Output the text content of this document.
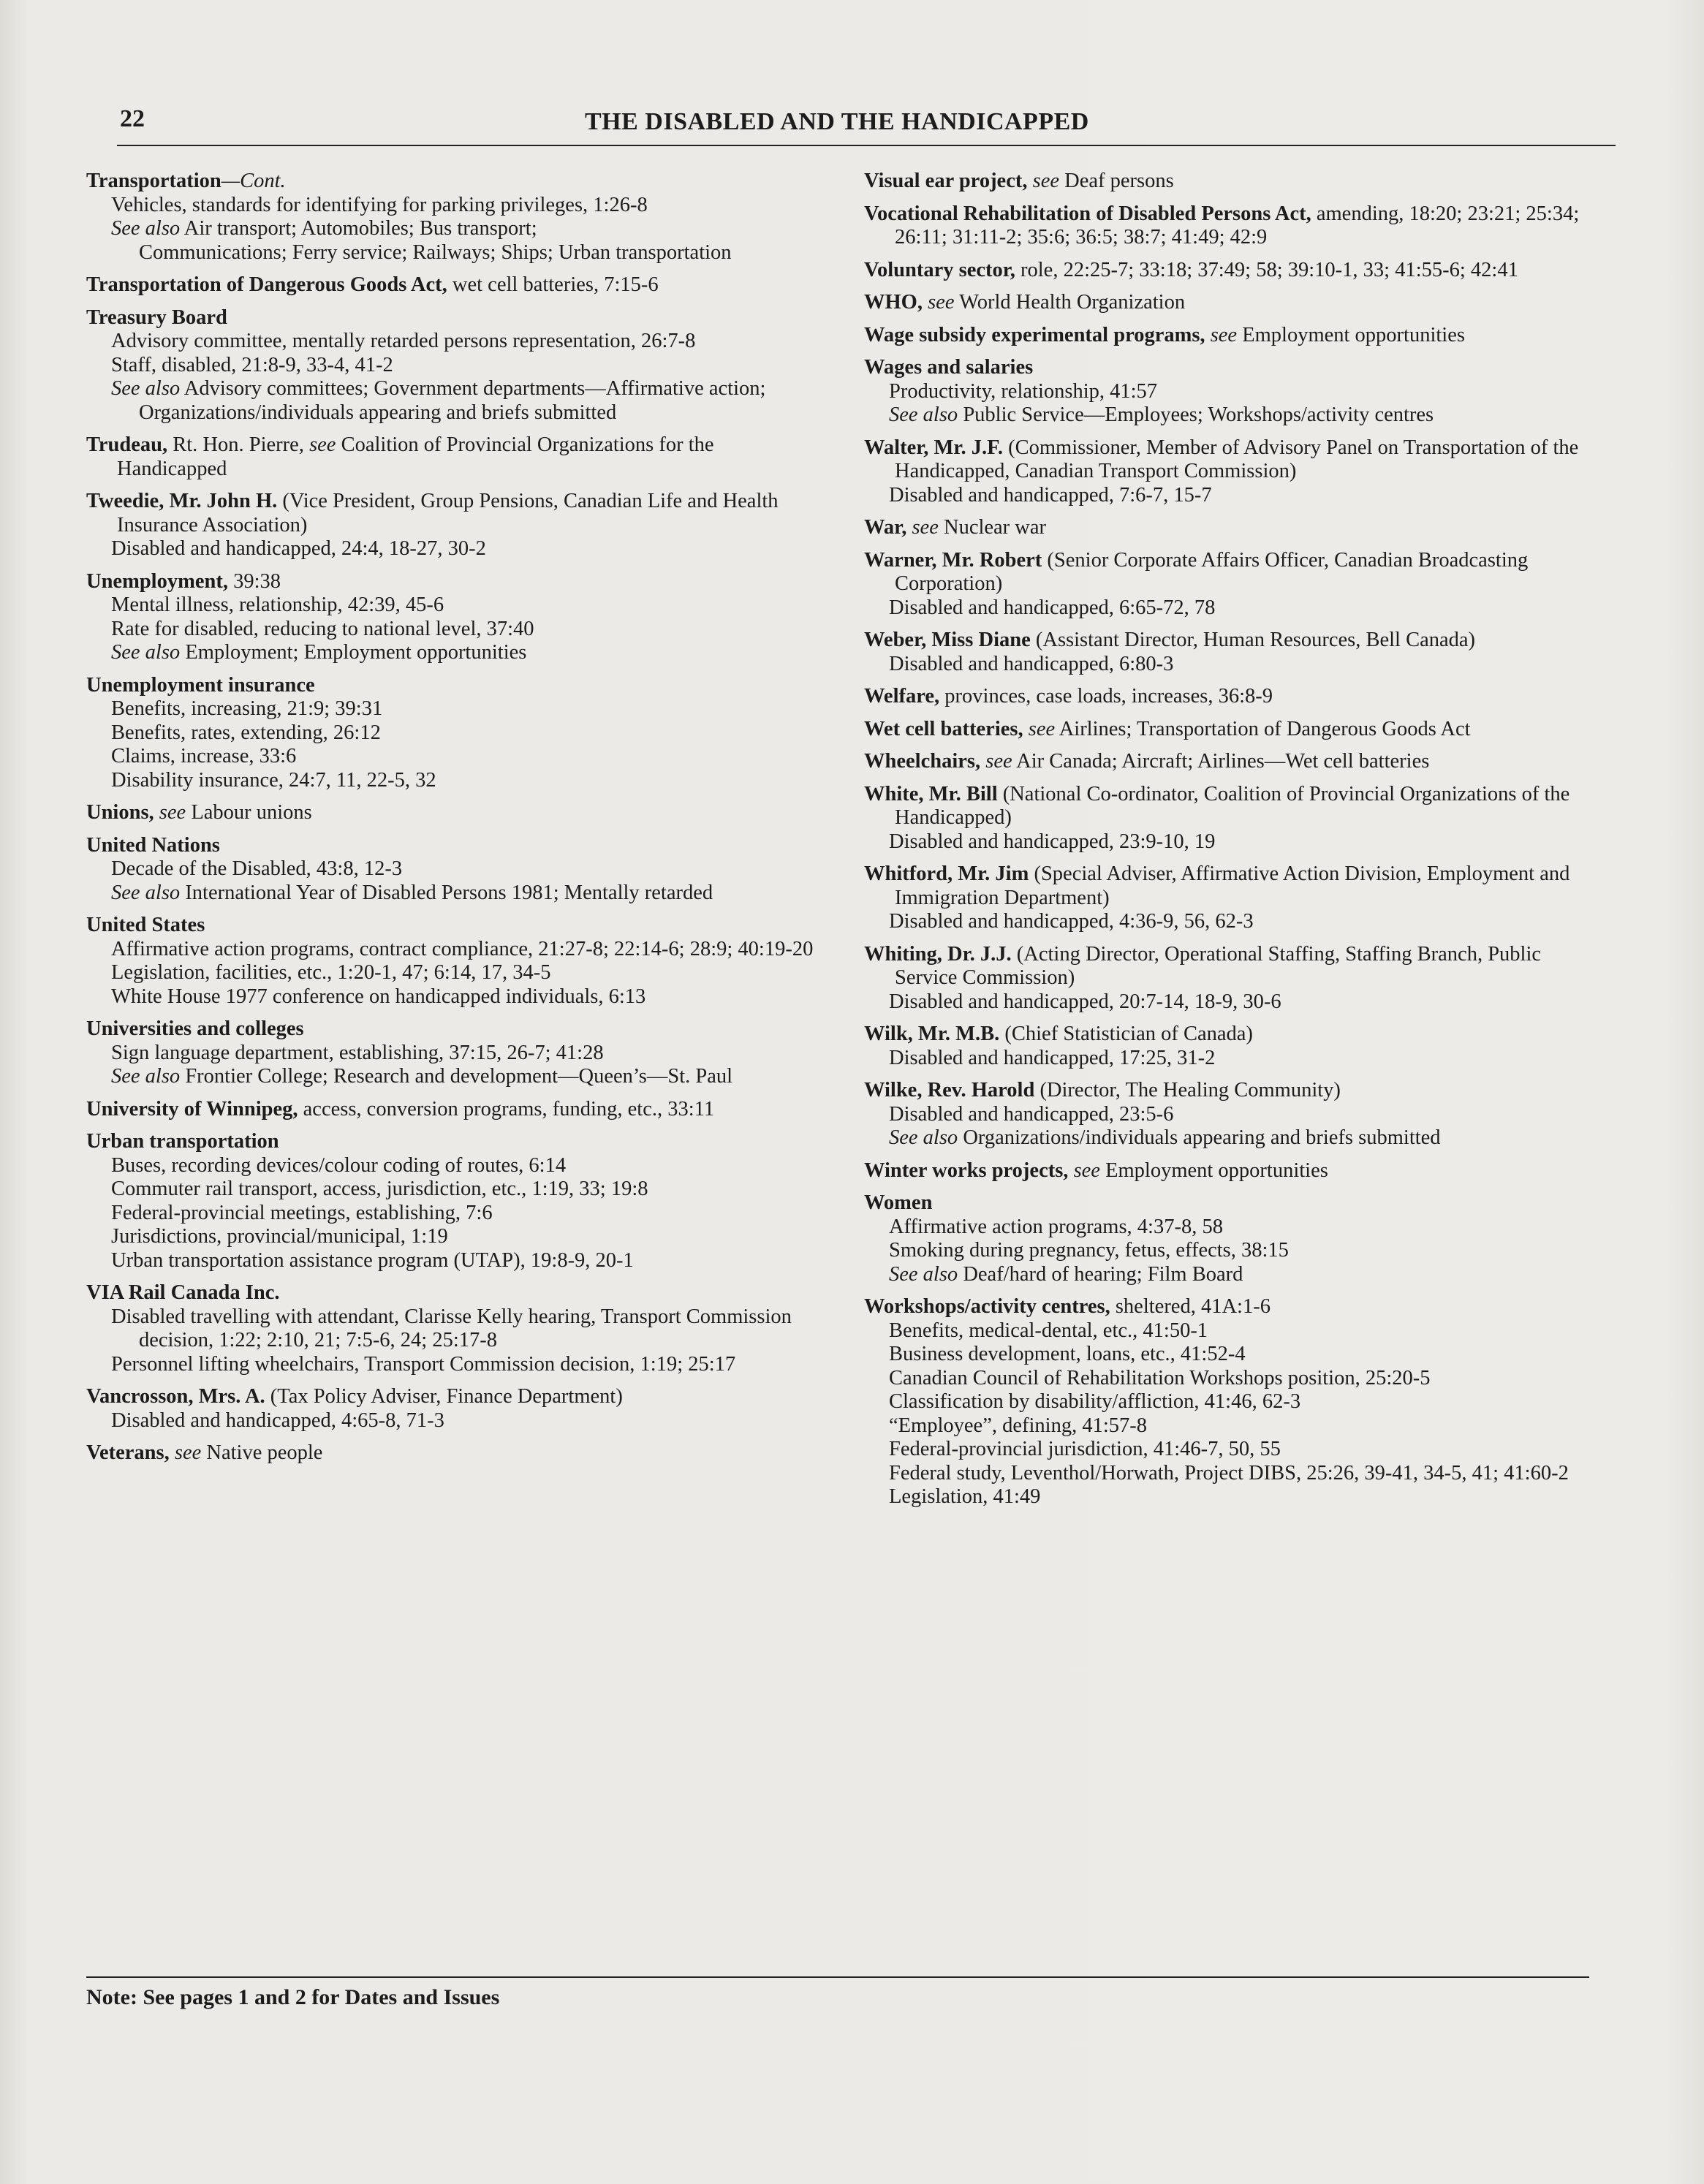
22	THE DISABLED AND THE HANDICAPPED
Transportation—Cont.
Vehicles, standards for identifying for parking privileges, 1:26-8
See also Air transport; Automobiles; Bus transport;
Communications; Ferry service; Railways; Ships; Urban transportation
Transportation of Dangerous Goods Act, wet cell batteries, 7:15-6
Treasury Board
Advisory committee, mentally retarded persons representation, 26:7-8
Staff, disabled, 21:8-9, 33-4, 41-2
See also Advisory committees; Government departments—Affirmative action; Organizations/individuals appearing and briefs submitted
Trudeau, Rt. Hon. Pierre, see Coalition of Provincial Organizations for the Handicapped
Tweedie, Mr. John H. (Vice President, Group Pensions, Canadian Life and Health Insurance Association)
Disabled and handicapped, 24:4, 18-27, 30-2
Unemployment, 39:38
Mental illness, relationship, 42:39, 45-6
Rate for disabled, reducing to national level, 37:40
See also Employment; Employment opportunities
Unemployment insurance
Benefits, increasing, 21:9; 39:31
Benefits, rates, extending, 26:12
Claims, increase, 33:6
Disability insurance, 24:7, 11, 22-5, 32
Unions, see Labour unions
United Nations
Decade of the Disabled, 43:8, 12-3
See also International Year of Disabled Persons 1981; Mentally retarded
United States
Affirmative action programs, contract compliance, 21:27-8; 22:14-6; 28:9; 40:19-20
Legislation, facilities, etc., 1:20-1, 47; 6:14, 17, 34-5
White House 1977 conference on handicapped individuals, 6:13
Universities and colleges
Sign language department, establishing, 37:15, 26-7; 41:28
See also Frontier College; Research and development—Queen’s—St. Paul
University of Winnipeg, access, conversion programs, funding, etc., 33:11
Urban transportation
Buses, recording devices/colour coding of routes, 6:14
Commuter rail transport, access, jurisdiction, etc., 1:19, 33; 19:8
Federal-provincial meetings, establishing, 7:6
Jurisdictions, provincial/municipal, 1:19
Urban transportation assistance program (UTAP), 19:8-9, 20-1
VIA Rail Canada Inc.
Disabled travelling with attendant, Clarisse Kelly hearing, Transport Commission decision, 1:22; 2:10, 21; 7:5-6, 24; 25:17-8
Personnel lifting wheelchairs, Transport Commission decision, 1:19; 25:17
Vancrosson, Mrs. A. (Tax Policy Adviser, Finance Department)
Disabled and handicapped, 4:65-8, 71-3
Veterans, see Native people
Visual ear project, see Deaf persons
Vocational Rehabilitation of Disabled Persons Act, amending, 18:20; 23:21; 25:34; 26:11; 31:11-2; 35:6; 36:5; 38:7; 41:49; 42:9
Voluntary sector, role, 22:25-7; 33:18; 37:49; 58; 39:10-1, 33; 41:55-6; 42:41
WHO, see World Health Organization
Wage subsidy experimental programs, see Employment opportunities
Wages and salaries
Productivity, relationship, 41:57
See also Public Service—Employees; Workshops/activity centres
Walter, Mr. J.F. (Commissioner, Member of Advisory Panel on Transportation of the Handicapped, Canadian Transport Commission)
Disabled and handicapped, 7:6-7, 15-7
War, see Nuclear war
Warner, Mr. Robert (Senior Corporate Affairs Officer, Canadian Broadcasting Corporation)
Disabled and handicapped, 6:65-72, 78
Weber, Miss Diane (Assistant Director, Human Resources, Bell Canada)
Disabled and handicapped, 6:80-3
Welfare, provinces, case loads, increases, 36:8-9
Wet cell batteries, see Airlines; Transportation of Dangerous Goods Act
Wheelchairs, see Air Canada; Aircraft; Airlines—Wet cell batteries
White, Mr. Bill (National Co-ordinator, Coalition of Provincial Organizations of the Handicapped)
Disabled and handicapped, 23:9-10, 19
Whitford, Mr. Jim (Special Adviser, Affirmative Action Division, Employment and Immigration Department)
Disabled and handicapped, 4:36-9, 56, 62-3
Whiting, Dr. J.J. (Acting Director, Operational Staffing, Staffing Branch, Public Service Commission)
Disabled and handicapped, 20:7-14, 18-9, 30-6
Wilk, Mr. M.B. (Chief Statistician of Canada)
Disabled and handicapped, 17:25, 31-2
Wilke, Rev. Harold (Director, The Healing Community)
Disabled and handicapped, 23:5-6
See also Organizations/individuals appearing and briefs submitted
Winter works projects, see Employment opportunities
Women
Affirmative action programs, 4:37-8, 58
Smoking during pregnancy, fetus, effects, 38:15
See also Deaf/hard of hearing; Film Board
Workshops/activity centres, sheltered, 41A:1-6
Benefits, medical-dental, etc., 41:50-1
Business development, loans, etc., 41:52-4
Canadian Council of Rehabilitation Workshops position, 25:20-5
Classification by disability/affliction, 41:46, 62-3
“Employee”, defining, 41:57-8
Federal-provincial jurisdiction, 41:46-7, 50, 55
Federal study, Leventhol/Horwath, Project DIBS, 25:26, 39-41, 34-5, 41; 41:60-2
Legislation, 41:49
Note: See pages 1 and 2 for Dates and Issues
